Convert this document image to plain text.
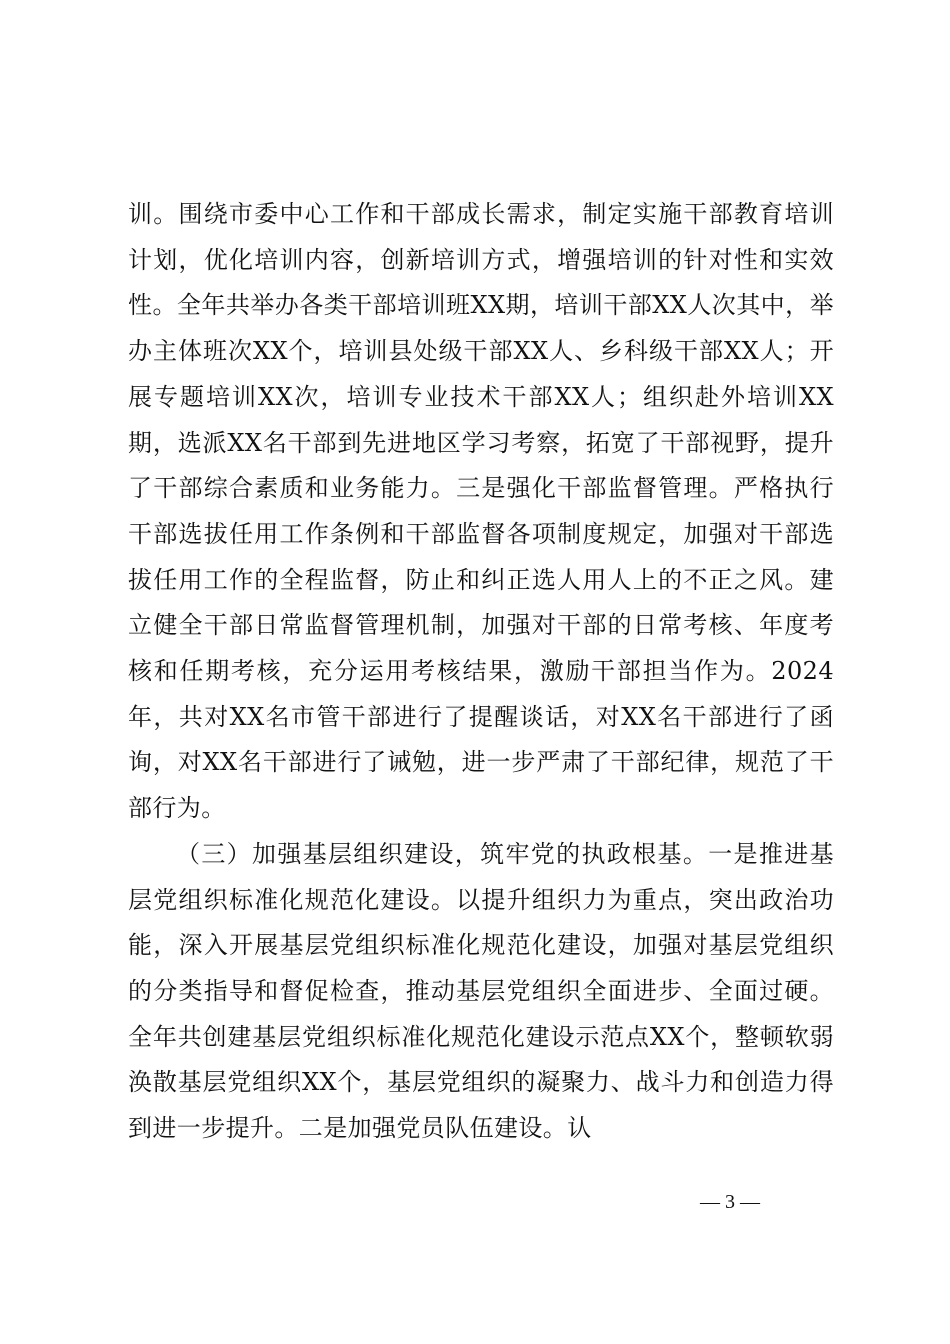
训。围绕市委中心工作和干部成长需求，制定实施干部教育培训计划，优化培训内容，创新培训方式，增强培训的针对性和实效性。全年共举办各类干部培训班XX期，培训干部XX人次其中，举办主体班次XX个，培训县处级干部XX人、乡科级干部XX人；开展专题培训XX次，培训专业技术干部XX人；组织赴外培训XX期，选派XX名干部到先进地区学习考察，拓宽了干部视野，提升了干部综合素质和业务能力。三是强化干部监督管理。严格执行干部选拔任用工作条例和干部监督各项制度规定，加强对干部选拔任用工作的全程监督，防止和纠正选人用人上的不正之风。建立健全干部日常监督管理机制，加强对干部的日常考核、年度考核和任期考核，充分运用考核结果，激励干部担当作为。2024年，共对XX名市管干部进行了提醒谈话，对XX名干部进行了函询，对XX名干部进行了诫勉，进一步严肃了干部纪律，规范了干部行为。

（三）加强基层组织建设，筑牢党的执政根基。一是推进基层党组织标准化规范化建设。以提升组织力为重点，突出政治功能，深入开展基层党组织标准化规范化建设，加强对基层党组织的分类指导和督促检查，推动基层党组织全面进步、全面过硬。全年共创建基层党组织标准化规范化建设示范点XX个，整顿软弱涣散基层党组织XX个，基层党组织的凝聚力、战斗力和创造力得到进一步提升。二是加强党员队伍建设。认

— 3 —
